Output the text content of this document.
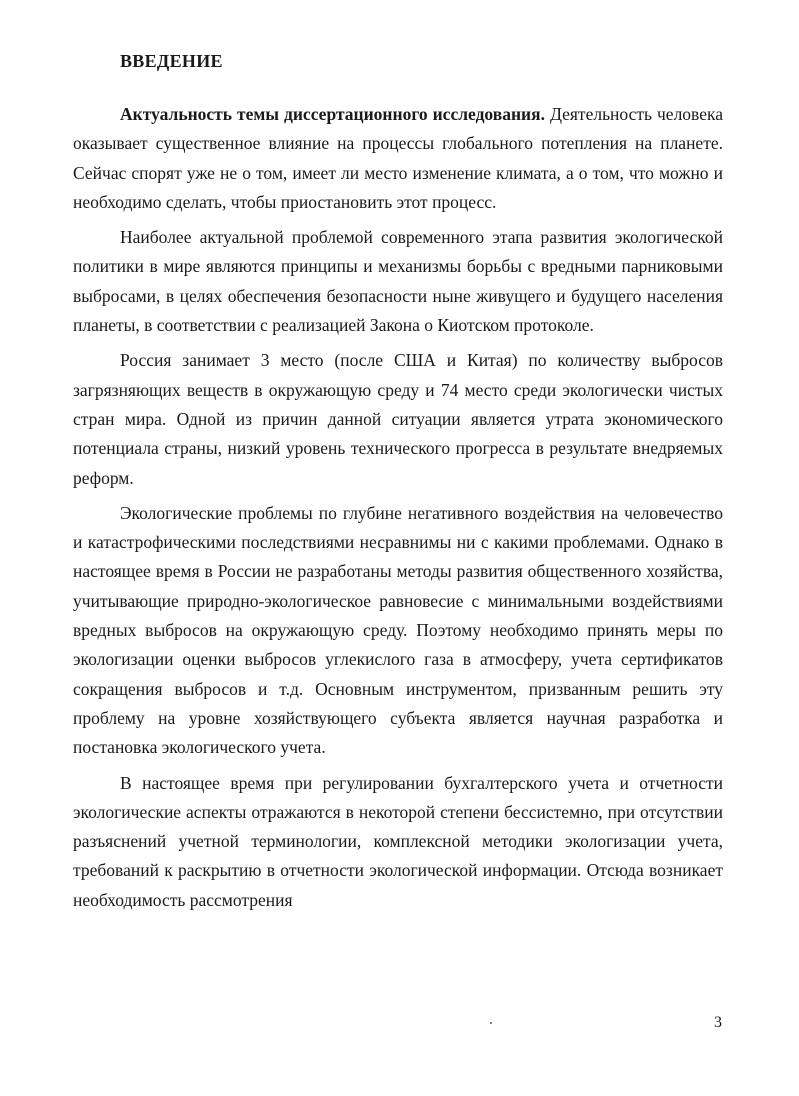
ВВЕДЕНИЕ

Актуальность темы диссертационного исследования. Деятельность человека оказывает существенное влияние на процессы глобального потепления на планете. Сейчас спорят уже не о том, имеет ли место изменение климата, а о том, что можно и необходимо сделать, чтобы приостановить этот процесс.

Наиболее актуальной проблемой современного этапа развития экологической политики в мире являются принципы и механизмы борьбы с вредными парниковыми выбросами, в целях обеспечения безопасности ныне живущего и будущего населения планеты, в соответствии с реализацией Закона о Киотском протоколе.

Россия занимает 3 место (после США и Китая) по количеству выбросов загрязняющих веществ в окружающую среду и 74 место среди экологически чистых стран мира. Одной из причин данной ситуации является утрата экономического потенциала страны, низкий уровень технического прогресса в результате внедряемых реформ.

Экологические проблемы по глубине негативного воздействия на человечество и катастрофическими последствиями несравнимы ни с какими проблемами. Однако в настоящее время в России не разработаны методы развития общественного хозяйства, учитывающие природно-экологическое равновесие с минимальными воздействиями вредных выбросов на окружающую среду. Поэтому необходимо принять меры по экологизации оценки выбросов углекислого газа в атмосферу, учета сертификатов сокращения выбросов и т.д. Основным инструментом, призванным решить эту проблему на уровне хозяйствующего субъекта является научная разработка и постановка экологического учета.

В настоящее время при регулировании бухгалтерского учета и отчетности экологические аспекты отражаются в некоторой степени бессистемно, при отсутствии разъяснений учетной терминологии, комплексной методики экологизации учета, требований к раскрытию в отчетности экологической информации. Отсюда возникает необходимость рассмотрения

3
